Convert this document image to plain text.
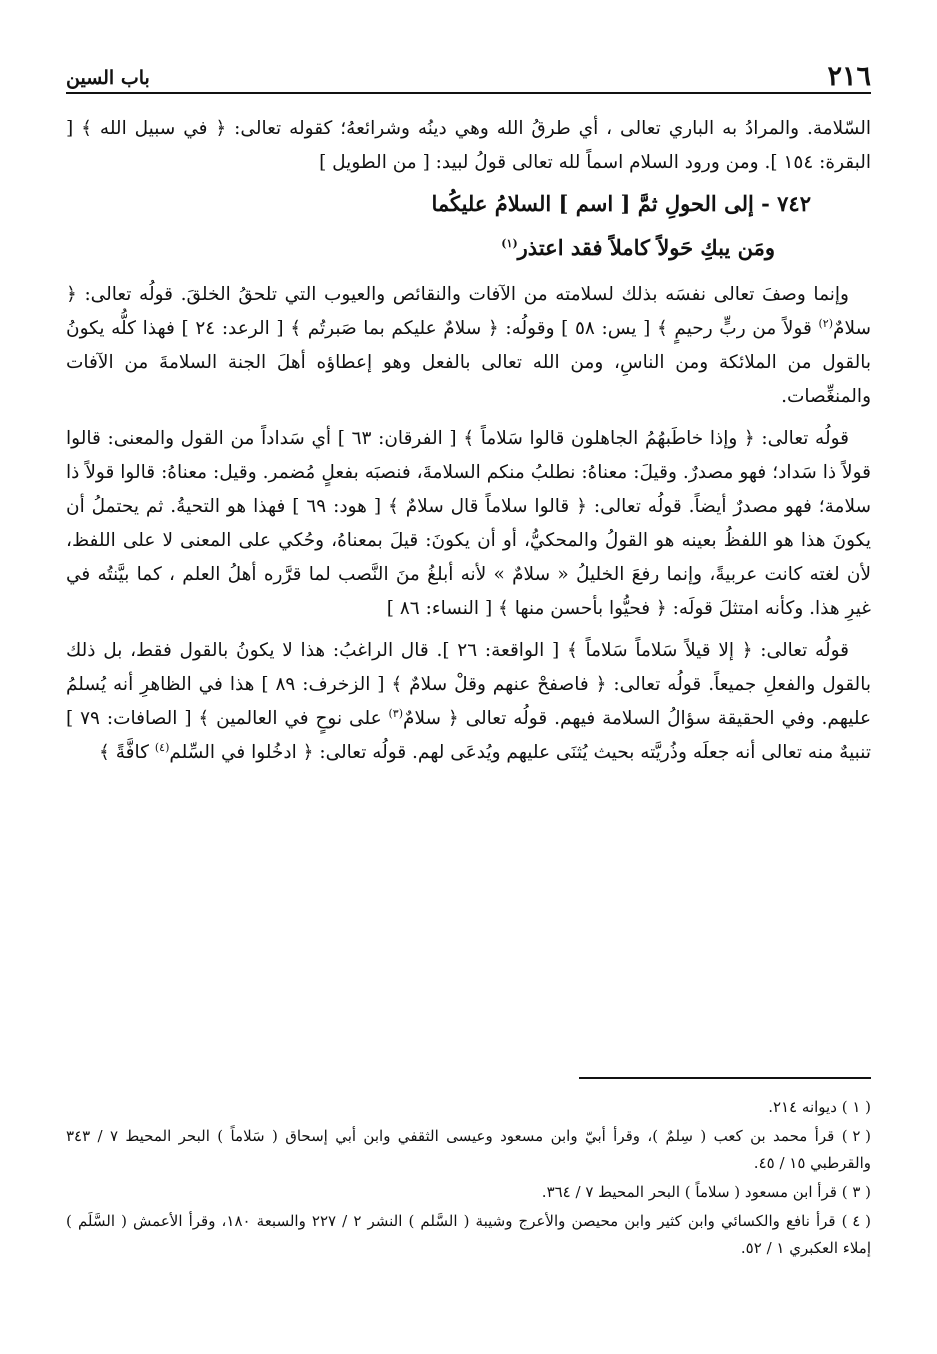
٢١٦
باب السين

السّلامة. والمرادُ به الباري تعالى ، أي طرقُ الله وهي دينُه وشرائعهُ؛ كقوله تعالى: ﴿ في سبيل الله ﴾ [ البقرة: ١٥٤ ]. ومن ورود السلام اسماً لله تعالى قولُ لبيد: [ من الطويل ]

٧٤٢ - إلى الحولِ ثمَّ [ اسم ] السلامُ عليكُما
ومَن يبكِ حَولاً كاملاً فقد اعتذر$^{(١)}$

وإنما وصفَ تعالى نفسَه بذلك لسلامته من الآفات والنقائص والعيوب التي تلحقُ الخلقَ. قولُه تعالى: ﴿ سلامٌ$^{(٢)}$ قولاً من ربٍّ رحيمٍ ﴾ [ يس: ٥٨ ] وقولُه: ﴿ سلامٌ عليكم بما صَبرتُم ﴾ [ الرعد: ٢٤ ] فهذا كلُّه يكونُ بالقول من الملائكة ومن الناسِ، ومن الله تعالى بالفعل وهو إعطاؤه أهلَ الجنة السلامةَ من الآفات والمنغِّصات.

قولُه تعالى: ﴿ وإذا خاطَبهُمُ الجاهلون قالوا سَلاماً ﴾ [ الفرقان: ٦٣ ] أي سَداداً من القول والمعنى: قالوا قولاً ذا سَداد؛ فهو مصدرٌ. وقيلَ: معناهُ: نطلبُ منكم السلامةَ، فنصبَه بفعلٍ مُضمر. وقيل: معناهُ: قالوا قولاً ذا سلامة؛ فهو مصدرٌ أيضاً. قولُه تعالى: ﴿ قالوا سلاماً قال سلامٌ ﴾ [ هود: ٦٩ ] فهذا هو التحيةُ. ثم يحتملُ أن يكونَ هذا هو اللفظُ بعينه هو القولُ والمحكيُّ، أو أن يكونَ: قيلَ بمعناهُ، وحُكي على المعنى لا على اللفظ، لأن لغته كانت عربيةً، وإنما رفعَ الخليلُ « سلامٌ » لأنه أبلغُ منَ النَّصب لما قرَّره أهلُ العلم ، كما بيَّنتُه في غيرِ هذا. وكأنه امتثلَ قولَه: ﴿ فحيُّوا بأحسن منها ﴾ [ النساء: ٨٦ ]

قولُه تعالى: ﴿ إلا قيلاً سَلاماً سَلاماً ﴾ [ الواقعة: ٢٦ ]. قال الراغبُ: هذا لا يكونُ بالقول فقط، بل ذلك بالقول والفعلِ جميعاً. قولُه تعالى: ﴿ فاصفحْ عنهم وقلْ سلامٌ ﴾ [ الزخرف: ٨٩ ] هذا في الظاهرِ أنه يُسلمُ عليهم. وفي الحقيقة سؤالُ السلامة فيهم. قولُه تعالى ﴿ سلامٌ$^{(٣)}$ على نوحٍ في العالمين ﴾ [ الصافات: ٧٩ ] تنبيهٌ منه تعالى أنه جعلَه وذُريَّته بحيث يُثنَى عليهم ويُدعَى لهم. قولُه تعالى: ﴿ ادخُلوا في السِّلم$^{(٤)}$ كافَّةً ﴾

( ١ ) ديوانه ٢١٤.

( ٢ ) قرأ محمد بن كعب ( سِلمٌ )، وقرأ أبيّ وابن مسعود وعيسى الثقفي وابن أبي إسحاق ( سَلاماً ) البحر المحيط ٧ / ٣٤٣ والقرطبي ١٥ / ٤٥.

( ٣ ) قرأ ابن مسعود ( سلاماً ) البحر المحيط ٧ / ٣٦٤.

( ٤ ) قرأ نافع والكسائي وابن كثير وابن محيصن والأعرج وشيبة ( السَّلم ) النشر ٢ / ٢٢٧ والسبعة ١٨٠، وقرأ الأعمش ( السَّلَم ) إملاء العكبري ١ / ٥٢.
